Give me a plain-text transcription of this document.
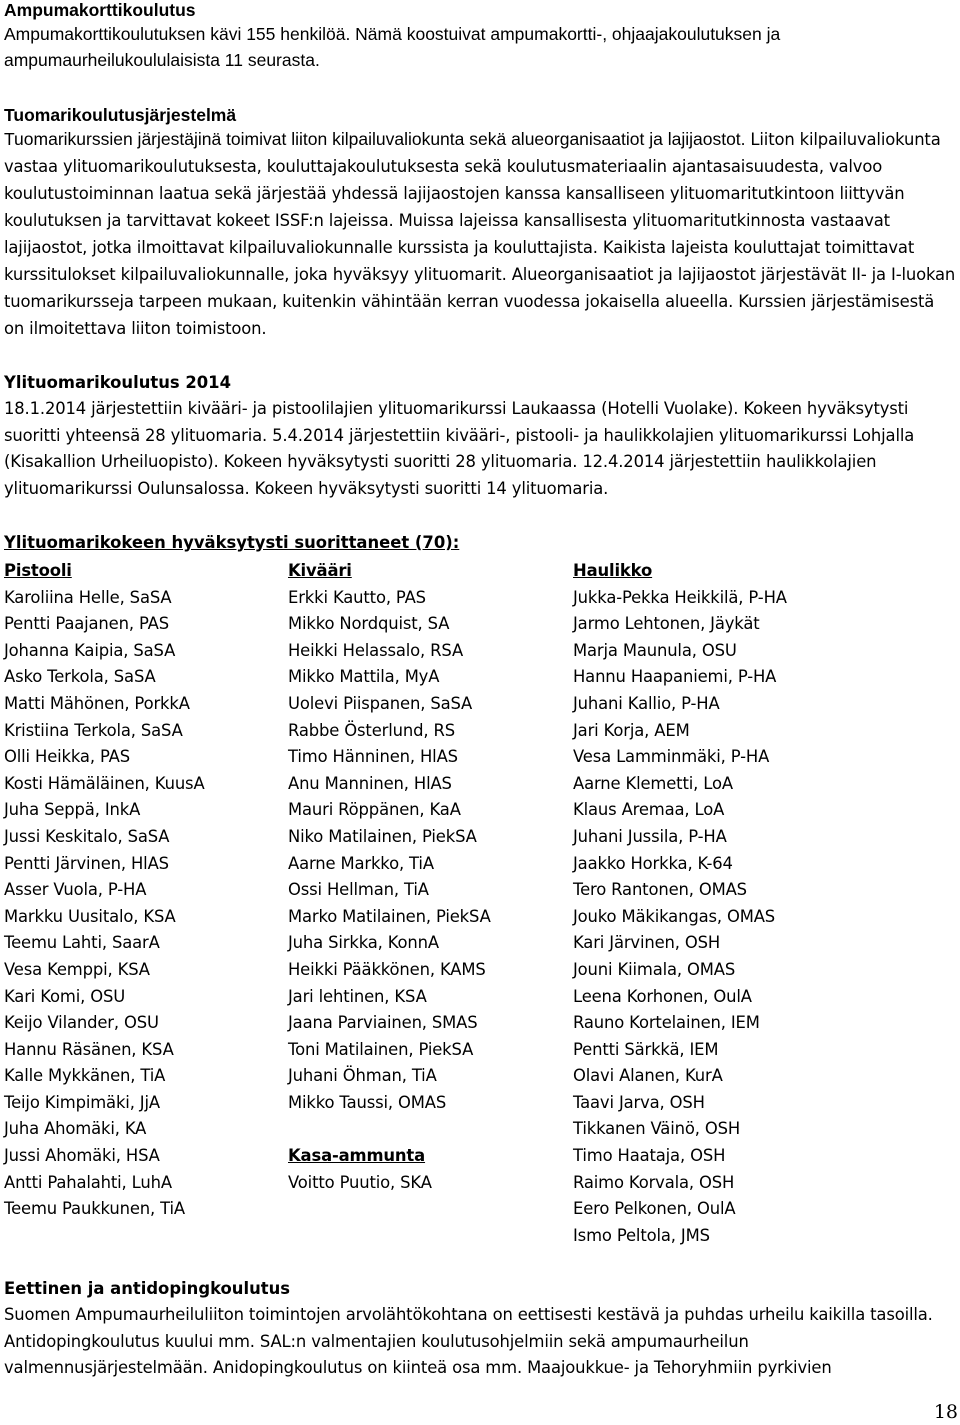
Ampumakorttikoulutus

Ampumakorttikoulutuksen kävi 155 henkilöä. Nämä koostuivat ampumakortti-, ohjaajakoulutuksen ja ampumaurheilukoululaisista 11 seurasta.

Tuomarikoulutusjärjestelmä

Tuomarikurssien järjestäjinä toimivat liiton kilpailuvaliokunta sekä alueorganisaatiot ja lajijaostot. Liiton kilpailuvaliokunta vastaa ylituomarikoulutuksesta, kouluttajakoulutuksesta sekä koulutusmateriaalin ajantasaisuudesta, valvoo koulutustoiminnan laatua sekä järjestää yhdessä lajijaostojen kanssa kansalliseen ylituomaritutkintoon liittyvän koulutuksen ja tarvittavat kokeet ISSF:n lajeissa. Muissa lajeissa kansallisesta ylituomaritutkinnosta vastaavat lajijaostot, jotka ilmoittavat kilpailuvaliokunnalle kurssista ja kouluttajista. Kaikista lajeista kouluttajat toimittavat kurssitulokset kilpailuvaliokunnalle, joka hyväksyy ylituomarit. Alueorganisaatiot ja lajijaostot järjestävät II- ja I-luokan tuomarikursseja tarpeen mukaan, kuitenkin vähintään kerran vuodessa jokaisella alueella. Kurssien järjestämisestä on ilmoitettava liiton toimistoon.

Ylituomarikoulutus 2014

18.1.2014 järjestettiin kivääri- ja pistoolilajien ylituomarikurssi Laukaassa (Hotelli Vuolake). Kokeen hyväksytysti suoritti yhteensä 28 ylituomaria. 5.4.2014 järjestettiin kivääri-, pistooli- ja haulikkolajien ylituomarikurssi Lohjalla (Kisakallion Urheiluopisto). Kokeen hyväksytysti suoritti 28 ylituomaria. 12.4.2014 järjestettiin haulikkolajien ylituomarikurssi Oulunsalossa. Kokeen hyväksytysti suoritti 14 ylituomaria.

Ylituomarikokeen hyväksytysti suorittaneet (70):

Pistooli
Karoliina Helle, SaSA
Pentti Paajanen, PAS
Johanna Kaipia, SaSA
Asko Terkola, SaSA
Matti Mähönen, PorkkA
Kristiina Terkola, SaSA
Olli Heikka, PAS
Kosti Hämäläinen, KuusA
Juha Seppä, InkA
Jussi Keskitalo, SaSA
Pentti Järvinen, HlAS
Asser Vuola, P-HA
Markku Uusitalo, KSA
Teemu Lahti, SaarA
Vesa Kemppi, KSA
Kari Komi, OSU
Keijo Vilander, OSU
Hannu Räsänen, KSA
Kalle Mykkänen, TiA
Teijo Kimpimäki, JjA
Juha Ahomäki, KA
Jussi Ahomäki, HSA
Antti Pahalahti, LuhA
Teemu Paukkunen, TiA
Kivääri
Erkki Kautto, PAS
Mikko Nordquist, SA
Heikki Helassalo, RSA
Mikko Mattila, MyA
Uolevi Piispanen, SaSA
Rabbe Österlund, RS
Timo Hänninen, HlAS
Anu Manninen, HlAS
Mauri Röppänen, KaA
Niko Matilainen, PiekSA
Aarne Markko, TiA
Ossi Hellman, TiA
Marko Matilainen, PiekSA
Juha Sirkka, KonnA
Heikki Pääkkönen, KAMS
Jari lehtinen, KSA
Jaana Parviainen, SMAS
Toni Matilainen, PiekSA
Juhani Öhman, TiA
Mikko Taussi, OMAS
Kasa-ammunta
Voitto Puutio, SKA
Haulikko
Jukka-Pekka Heikkilä, P-HA
Jarmo Lehtonen, Jäykät
Marja Maunula, OSU
Hannu Haapaniemi, P-HA
Juhani Kallio, P-HA
Jari Korja, AEM
Vesa Lamminmäki, P-HA
Aarne Klemetti, LoA
Klaus Aremaa, LoA
Juhani Jussila, P-HA
Jaakko Horkka, K-64
Tero Rantonen, OMAS
Jouko Mäkikangas, OMAS
Kari Järvinen, OSH
Jouni Kiimala, OMAS
Leena Korhonen, OulA
Rauno Kortelainen, IEM
Pentti Särkkä, IEM
Olavi Alanen, KurA
Taavi Jarva, OSH
Tikkanen Väinö, OSH
Timo Haataja, OSH
Raimo Korvala, OSH
Eero Pelkonen, OulA
Ismo Peltola, JMS

Eettinen ja antidopingkoulutus

Suomen Ampumaurheiluliiton toimintojen arvolähtökohtana on eettisesti kestävä ja puhdas urheilu kaikilla tasoilla. Antidopingkoulutus kuului mm. SAL:n valmentajien koulutusohjelmiin sekä ampumaurheilun valmennusjärjestelmään. Anidopingkoulutus on kiinteä osa mm. Maajoukkue- ja Tehoryhmiin pyrkivien

18
